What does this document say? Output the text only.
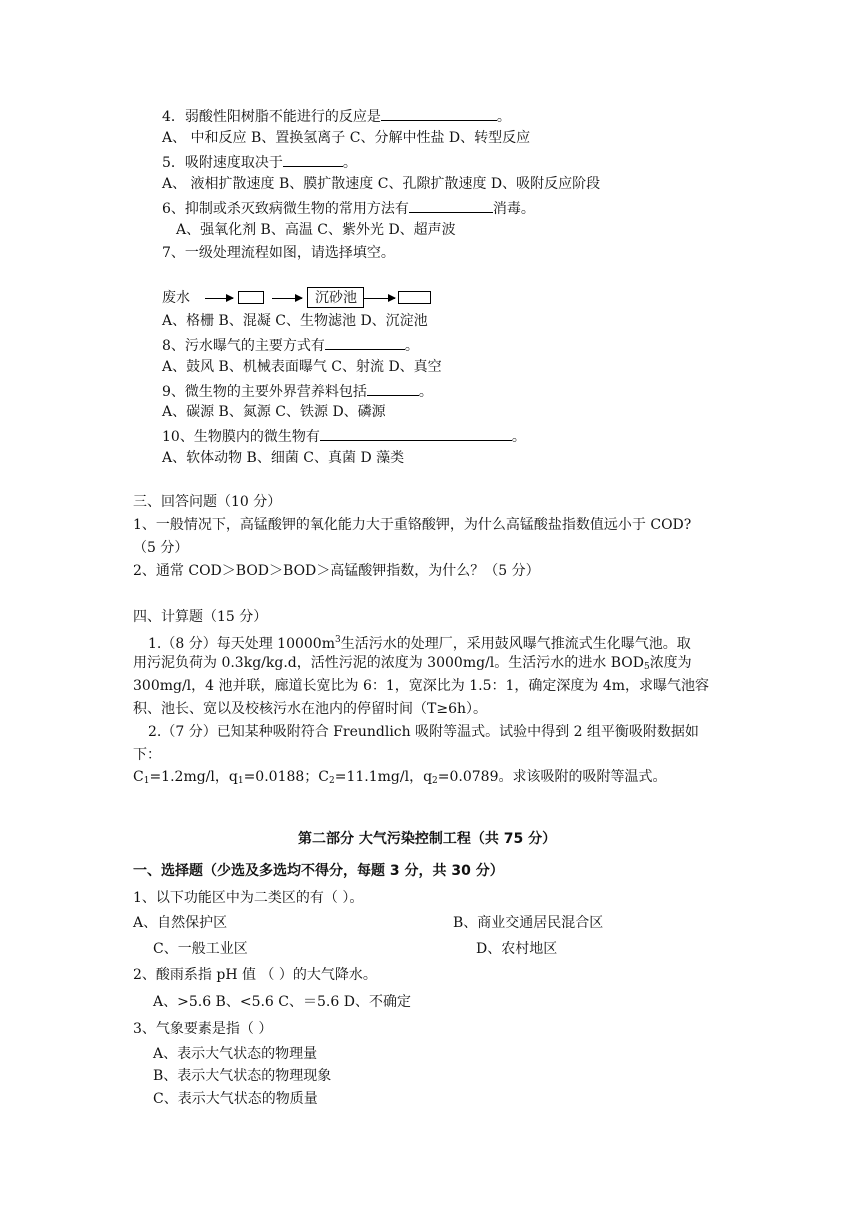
4．弱酸性阳树脂不能进行的反应是	。
A、 中和反应 B、置换氢离子 C、分解中性盐 D、转型反应
5．吸附速度取决于	。
A、 液相扩散速度 B、膜扩散速度 C、孔隙扩散速度 D、吸附反应阶段
6、抑制或杀灭致病微生物的常用方法有	消毒。
A、强氧化剂 B、高温 C、紫外光 D、超声波
7、一级处理流程如图，请选择填空。
废水	沉砂池
A、格栅 B、混凝 C、生物滤池 D、沉淀池
8、污水曝气的主要方式有	。
A、鼓风 B、机械表面曝气 C、射流 D、真空
9、微生物的主要外界营养料包括	。
A、碳源 B、氮源 C、铁源 D、磷源
10、生物膜内的微生物有	。
A、软体动物 B、细菌 C、真菌 D 藻类
三、回答问题（10 分）
1、一般情况下，高锰酸钾的氧化能力大于重铬酸钾，为什么高锰酸盐指数值远小于 COD?
（5 分）
2、通常 COD＞BOD＞BOD＞高锰酸钾指数，为什么？（5 分）
四、计算题（15 分）
1.（8 分）每天处理 $10000m^3$生活污水的处理厂，采用鼓风曝气推流式生化曝气池。取
用污泥负荷为 0.3kg/kg.d，活性污泥的浓度为 3000mg/l。生活污水的进水 $BOD_5$浓度为
300mg/l，4 池并联，廊道长宽比为 6：1，宽深比为 1.5：1，确定深度为 4m，求曝气池容
积、池长、宽以及校核污水在池内的停留时间（T≥6h）。
2.（7 分）已知某种吸附符合 Freundlich 吸附等温式。试验中得到 2 组平衡吸附数据如
下：
$C_1=1.2mg/l$，$q_1=0.0188$；$C_2=11.1mg/l$，$q_2=0.0789$。求该吸附的吸附等温式。
第二部分 大气污染控制工程（共 75 分）
一、选择题（少选及多选均不得分，每题 3 分，共 30 分）
1、以下功能区中为二类区的有（ ）。
A、自然保护区	B、商业交通居民混合区
C、一般工业区	D、农村地区
2、酸雨系指 pH 值 （ ）的大气降水。
A、>5.6 B、<5.6 C、＝5.6 D、不确定
3、气象要素是指（ ）
A、表示大气状态的物理量
B、表示大气状态的物理现象
C、表示大气状态的物质量
